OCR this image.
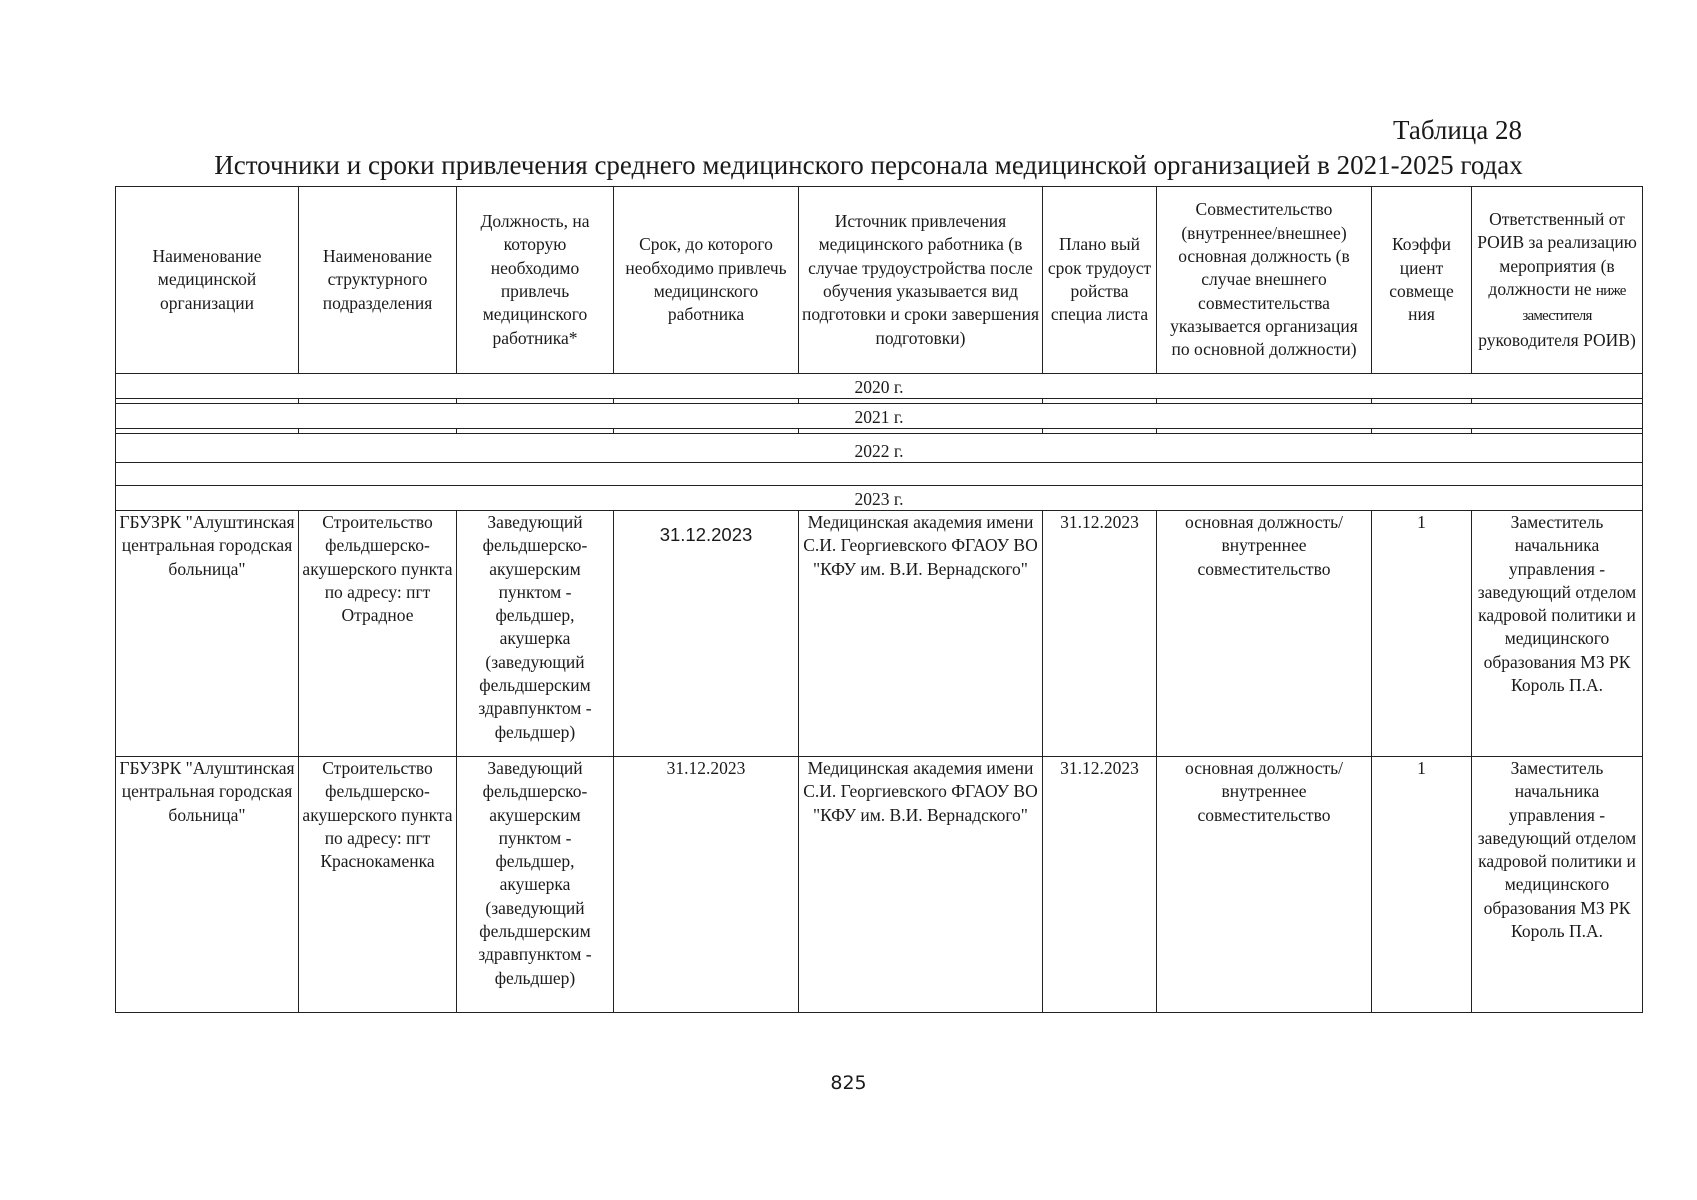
Таблица 28
Источники и сроки привлечения среднего медицинского персонала медицинской организацией в 2021-2025 годах
Наименование медицинской организации	Наименование структурного подразделения	Должность, на которую необходимо привлечь медицинского работника*	Срок, до которого необходимо привлечь медицинского работника	Источник привлечения медицинского работника (в случае трудоустройства после обучения указывается вид подготовки и сроки завершения подготовки)	Плано вый срок трудоуст ройства специа листа	Совместительство (внутреннее/внешнее) основная должность (в случае внешнего совместительства указывается организация по основной должности)	Коэффи циент совмеще ния	Ответственный от РОИВ за реализацию мероприятия (в должности не ниже заместителя руководителя РОИВ)
2020 г.								

2021 г.								

2022 г.								

2023 г.								
ГБУЗРК "Алуштинская центральная городская больница"	Строительство фельдшерско-акушерского пункта по адресу: пгт Отрадное	Заведующий фельдшерско-акушерским пунктом - фельдшер, акушерка (заведующий фельдшерским здравпунктом - фельдшер)	31.12.2023	Медицинская академия имени С.И. Георгиевского ФГАОУ ВО "КФУ им. В.И. Вернадского"	31.12.2023	основная должность/ внутреннее совместительство	1	Заместитель начальника управления - заведующий отделом кадровой политики и медицинского образования МЗ РК Король П.А.
ГБУЗРК "Алуштинская центральная городская больница"	Строительство фельдшерско-акушерского пункта по адресу: пгт Краснокаменка	Заведующий фельдшерско-акушерским пунктом - фельдшер, акушерка (заведующий фельдшерским здравпунктом - фельдшер)	31.12.2023	Медицинская академия имени С.И. Георгиевского ФГАОУ ВО "КФУ им. В.И. Вернадского"	31.12.2023	основная должность/ внутреннее совместительство	1	Заместитель начальника управления - заведующий отделом кадровой политики и медицинского образования МЗ РК Король П.А.
825
